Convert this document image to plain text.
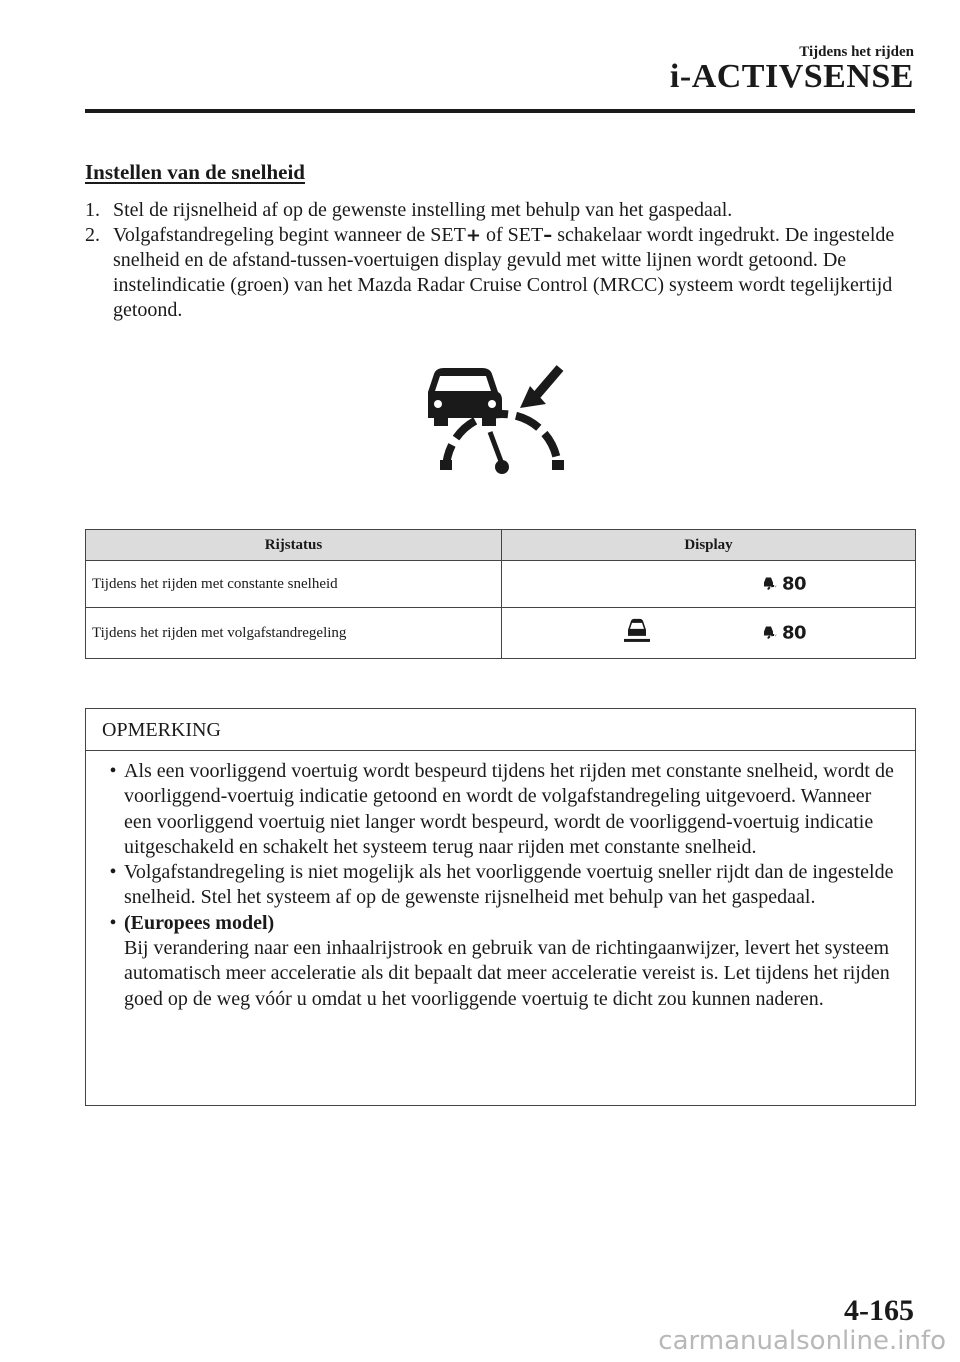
Tijdens het rijden
i-ACTIVSENSE
Instellen van de snelheid
1. Stel de rijsnelheid af op de gewenste instelling met behulp van het gaspedaal.
2. Volgafstandregeling begint wanneer de SET+ of SET– schakelaar wordt ingedrukt. De ingestelde snelheid en de afstand-tussen-voertuigen display gevuld met witte lijnen wordt getoond. De instelindicatie (groen) van het Mazda Radar Cruise Control (MRCC) systeem wordt tegelijkertijd getoond.
Rijstatus	Display
Tijdens het rijden met constante snelheid	80

Tijdens het rijden met volgafstandregeling	80
OPMERKING
• Als een voorliggend voertuig wordt bespeurd tijdens het rijden met constante snelheid, wordt de voorliggend-voertuig indicatie getoond en wordt de volgafstandregeling uitgevoerd. Wanneer een voorliggend voertuig niet langer wordt bespeurd, wordt de voorliggend-voertuig indicatie uitgeschakeld en schakelt het systeem terug naar rijden met constante snelheid.
• Volgafstandregeling is niet mogelijk als het voorliggende voertuig sneller rijdt dan de ingestelde snelheid. Stel het systeem af op de gewenste rijsnelheid met behulp van het gaspedaal.
• (Europees model)
Bij verandering naar een inhaalrijstrook en gebruik van de richtingaanwijzer, levert het systeem automatisch meer acceleratie als dit bepaalt dat meer acceleratie vereist is. Let tijdens het rijden goed op de weg vóór u omdat u het voorliggende voertuig te dicht zou kunnen naderen.
4-165
carmanualsonline.info
